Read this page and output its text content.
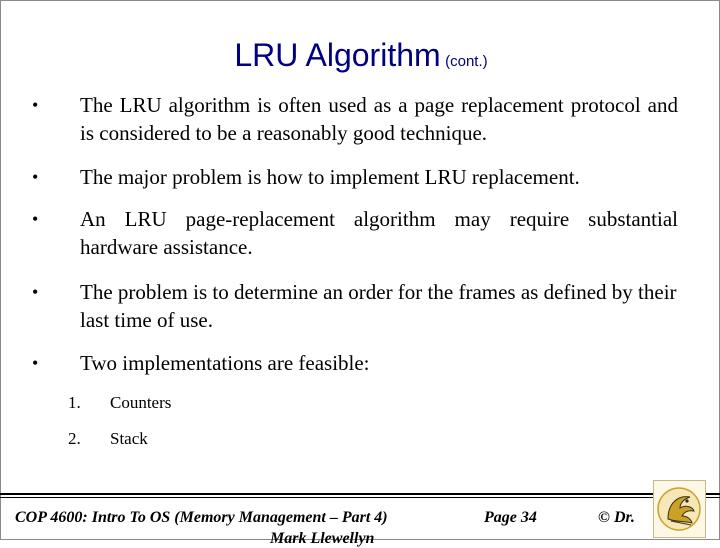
LRU Algorithm (cont.)
• The LRU algorithm is often used as a page replacement protocol and is considered to be a reasonably good technique.
• The major problem is how to implement LRU replacement.
• An LRU page-replacement algorithm may require substantial hardware assistance.
• The problem is to determine an order for the frames as defined by their last time of use.
• Two implementations are feasible:
1. Counters
2. Stack
COP 4600: Intro To OS (Memory Management – Part 4)	Page 34	© Dr.
Mark Llewellyn
